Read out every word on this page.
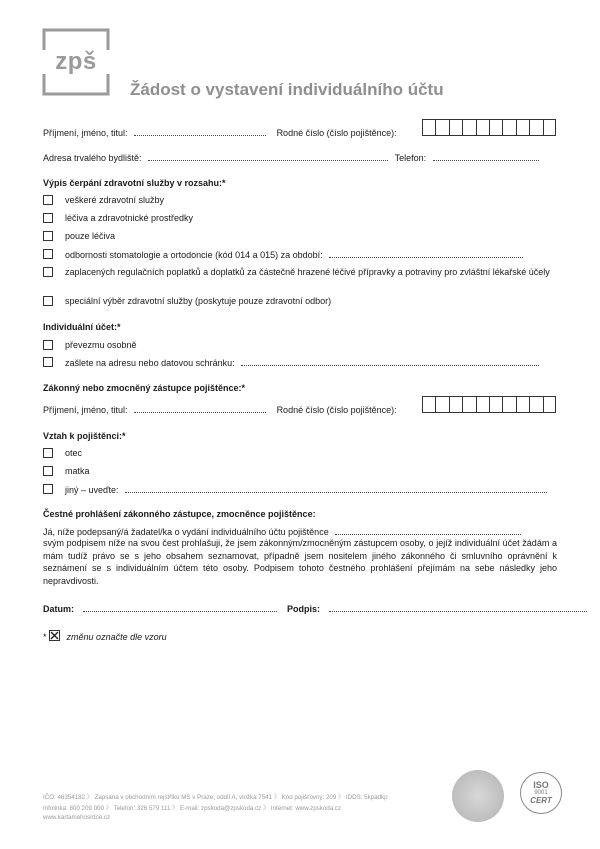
zpš
Žádost o vystavení individuálního účtu
Příjmení, jméno, titul:	Rodné číslo (číslo pojištěnce):
Adresa trvalého bydliště:	Telefon:
Výpis čerpání zdravotní služby v rozsahu:*
veškeré zdravotní služby
léčiva a zdravotnické prostředky
pouze léčiva
odbornosti stomatologie a ortodoncie (kód 014 a 015) za období:
zaplacených regulačních poplatků a doplatků za částečně hrazené léčivé přípravky a potraviny pro zvláštní lékařské účely
speciální výběr zdravotní služby (poskytuje pouze zdravotní odbor)
Individuální účet:*
převezmu osobně
zašlete na adresu nebo datovou schránku:
Zákonný nebo zmocněný zástupce pojištěnce:*
Příjmení, jméno, titul:	Rodné číslo (číslo pojištěnce):
Vztah k pojištěnci:*
otec
matka
jiný – uveďte:
Čestné prohlášení zákonného zástupce, zmocněnce pojištěnce:
Já, níže podepsaný/á žadatel/ka o vydání individuálního účtu pojištěnce
svým podpisem níže na svou čest prohlašuji, že jsem zákonným/zmocněným zástupcem osoby, o jejíž individuální účet žádám a mám tudíž právo se s jeho obsahem seznamovat, případně jsem nositelem jiného zákonného či smluvního oprávnění k seznámení se s individuálním účtem této osoby. Podpisem tohoto čestného prohlášení přejímám na sebe následky jeho nepravdivosti.
Datum:	Podpis:
* změnu označte dle vzoru
IČO: 46354182 》 Zapsaná v obchodním rejstříku MS v Praze, oddíl A, vložka 7541 》 Kód pojišťovny: 209 》 IDDS: 5kpadkp
Infolinka: 800 209 000 》 Telefon: 326 579 111 》 E-mail: zpskoda@zpskoda.cz 》 Internet: www.zpskoda.cz
www.kartamehosrdce.cz
ISO
9001
CERT
